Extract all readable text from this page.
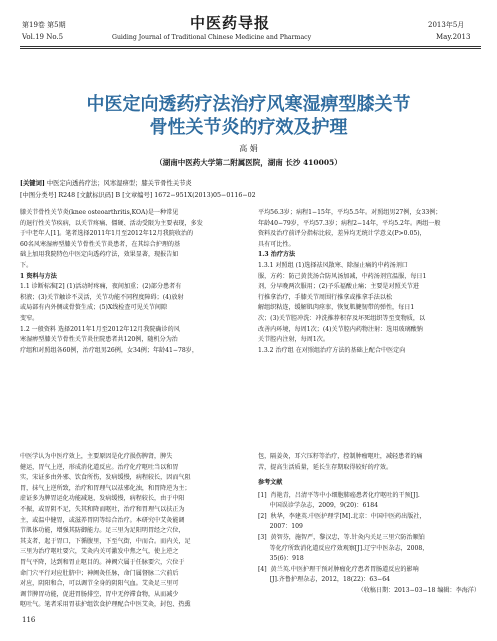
第19卷 第5期
Vol.19 No.5
中医药导报
Guiding Journal of Traditional Chinese Medicine and Pharmacy
2013年5月
May.2013
中医定向透药疗法治疗风寒湿痹型膝关节
骨性关节炎的疗效及护理
高 娟
（湖南中医药大学第二附属医院，湖南 长沙 410005）
[关键词] 中医定向透药疗法；风寒湿痹型；膝关节骨性关节炎
[中图分类号] R248 [文献标识码] B [文章编号] 1672−951X(2013)05−0116−02

膝关节骨性关节炎(knee osteoarthritis,KOA)是一种常见

的退行性关节疾病，以关节疼痛、僵硬、活动受限为主要表现，多发

于中老年人[1]。笔者选择2011年1月至2012年12月我院收治的

60名风寒湿痹型膝关节骨性关节炎患者，在其综合护理的基

础上加用我院特色中医定向透药疗法，效果显著，现报告如

下。

1 资料与方法

1.1 诊断标准[2] (1)活动时疼痛，夜间加重；(2)部分患者有

积液；(3)关节触诊不灵活，关节功能不同程度障碍；(4)放射

或局部有内外侧或骨赘生成；(5)X线检查可见关节间隙

变窄。

1.2 一般资料 选择2011年1月至2012年12月我院确诊的风

寒湿痹型膝关节骨性关节炎住院患者共120例，随机分为治

疗组和对照组各60例，治疗组男26例，女34例；年龄41−78岁，

平均56.3岁；病程1−15年，平均5.5年。对照组男27例，女33例；

年龄40−79岁，平均57.3岁；病程2−14年，平均5.2年。两组一般

资料及治疗前评分指标比较，差异均无统计学意义(P>0.05)，

具有可比性。

1.3 治疗方法

1.3.1 对照组 (1)选择祛风散寒、除湿止痛的中药汤剂口

服，方药：防己黄芪汤合防风汤加减，中药汤剂宜温服，每日1

剂，分早晚两次服用；(2)予乐福酸止痛；主要是对照关节进

行推拿治疗，手膝关节周围行推拿或推拿手法以松

解组织粘连，缓解肌肉痉挛，恢复肌腱韧带的弹性，每日1

次；(3)关节腔冲洗：冲洗推荐积存及坏死组织等至变物质，以

改善内环境，每周1次；(4)关节腔内药物注射：选用玻璃酸钠

关节腔内注射，每周1次。

1.3.2 治疗组 在对照组治疗方法的基础上配合中医定向

中医学认为中医疗效上，主要原因是化疗损伤脾肾，脾失

健运，胃气上逆，形成消化道反应。治疗化疗呕吐当以和胃

实，宋证多由外邪、饮食所伤，发病缓慢，病程较长，因而气阻

胃，抹气上逆所致，治疗和胃理气以祛邪化浊，和胃降逆为主；

虚证多为脾胃运化功能减退，发病缓慢，病程较长，由于中阳

不振，或胃阴不足，失其和降而呕吐，治疗和胃理气以扶正为

主，或温中健胃，或滋养胃阴等综合治疗。本研究中艾灸能调

节肌体功能，增强其防御能力。足三里为足阳明胃经之穴位，

其支者，起于胃口，下循腹里，下至气街，中而合。而内关，足

三里为治疗呕吐要穴，艾灸内关可激发中焦之气，使上逆之

胃气平降，达到和胃止呕目的。神阙穴属于任脉要穴，穴位于

命门穴平行对应肚脐中；神阙灸任脉，命门属督脉二穴前后

对应，阴阳和合，可以调节全身的阴阳气血。艾灸足三里可

调节脾胃功能，促进胃肠排空，胃中无停滞食物，从而减少

呕吐气。笔者采用胃祛护组饮食护理配合中医艾灸，封包、热熏

包，隔姜灸，耳穴压籽等治疗，控制肿瘤呕吐，减轻患者的痛

苦，提高生活质量，延长生存期取得较好的疗效。

参考文献

[1]  肖艳青，吕清平等中小细胞肺癌患者化疗呕吐的干预[J].

中国误诊学杂志，2009，9(20)：6184

[2]  秋华，李建英.中医护理学[M].北京：中国中医药出版社，

2007：109

[3]  黄智芬，施智严，黎汉忠，等.针灸内关足三里穴防治顺铂

等化疗所致消化道反应疗效观察[J].辽宁中医杂志，2008，

35(6)：918

[4]  黄兰英.中医护理干预对肿瘤化疗患者胃肠道反应的影响

[J].齐鲁护理杂志，2012，18(22)：63−64

（收稿日期：2013−03−18 编辑：李海洋）

116
